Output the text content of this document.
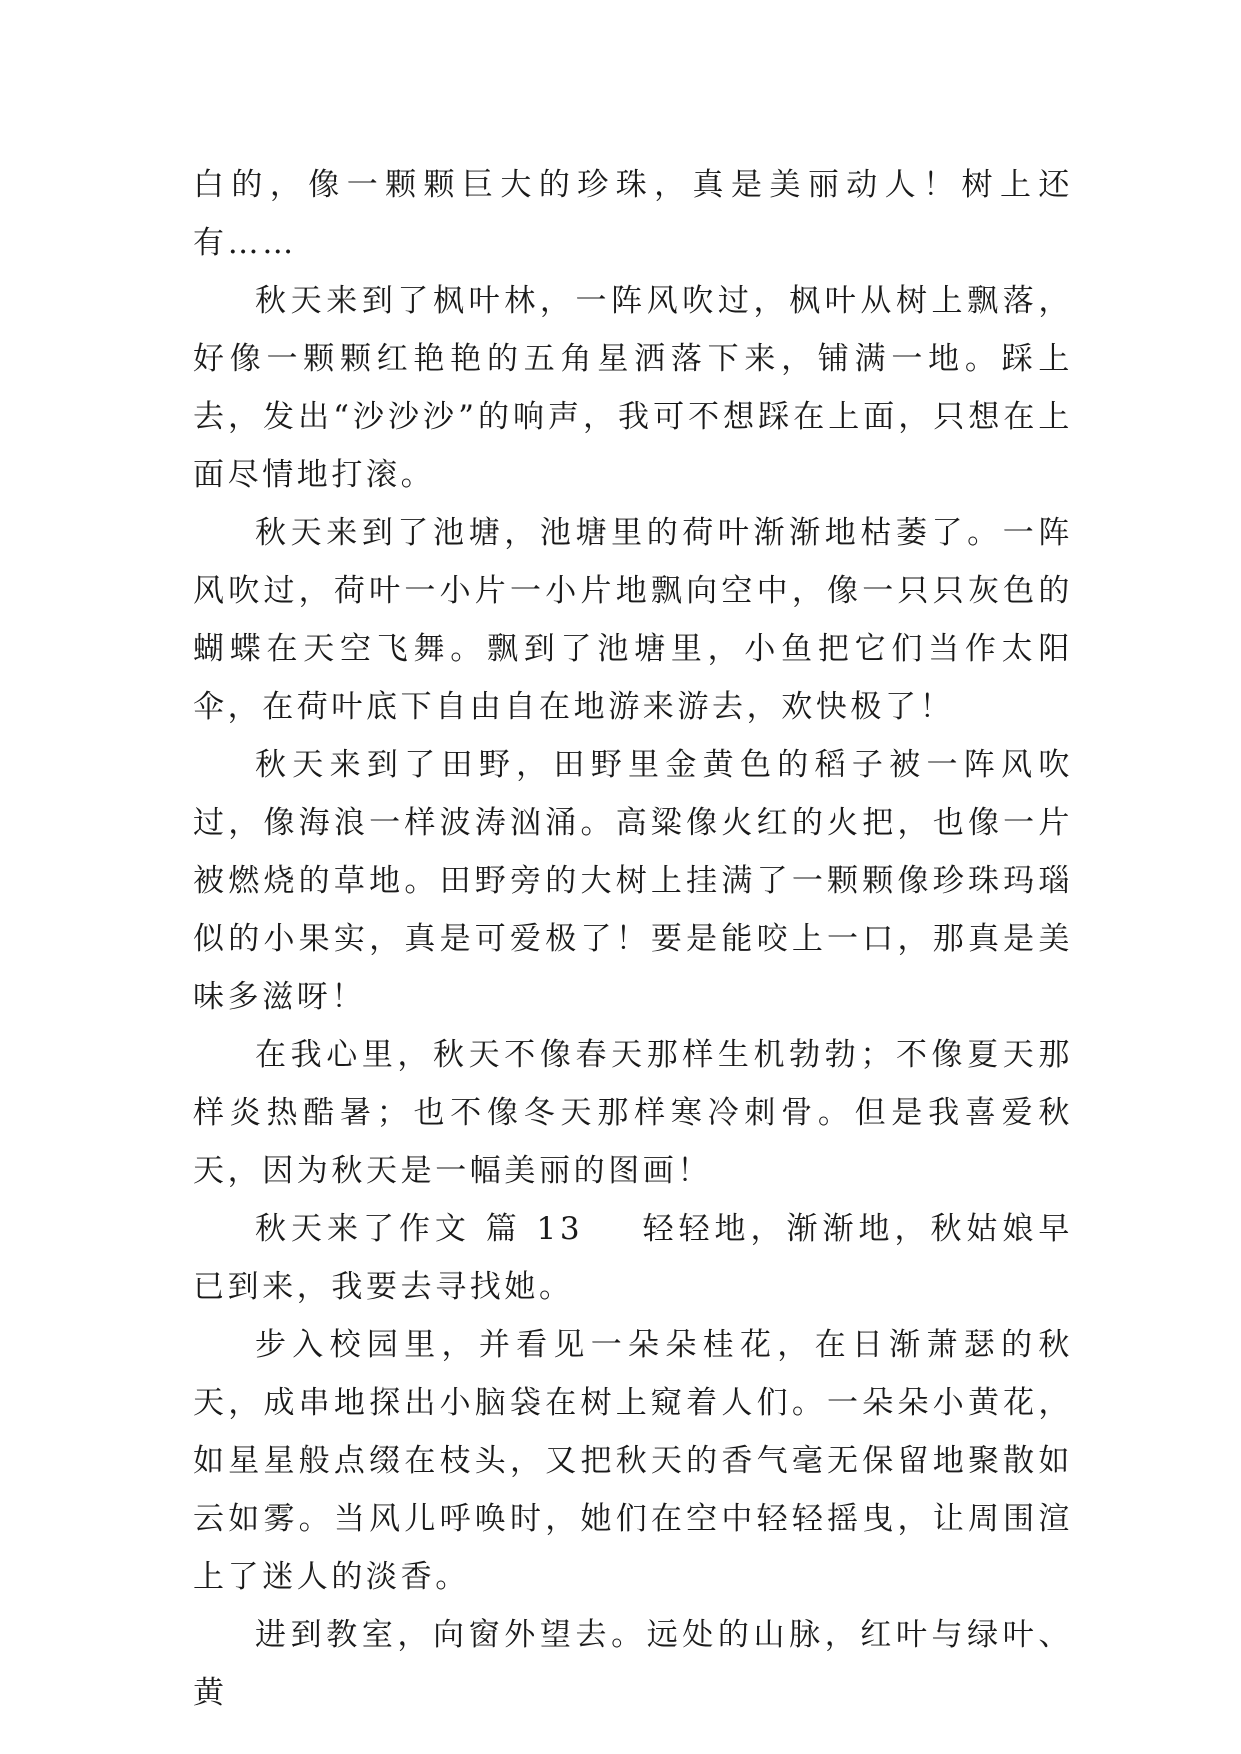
白的，像一颗颗巨大的珍珠，真是美丽动人！树上还有……

秋天来到了枫叶林，一阵风吹过，枫叶从树上飘落，好像一颗颗红艳艳的五角星洒落下来，铺满一地。踩上去，发出“沙沙沙”的响声，我可不想踩在上面，只想在上面尽情地打滚。

秋天来到了池塘，池塘里的荷叶渐渐地枯萎了。一阵风吹过，荷叶一小片一小片地飘向空中，像一只只灰色的蝴蝶在天空飞舞。飘到了池塘里，小鱼把它们当作太阳伞，在荷叶底下自由自在地游来游去，欢快极了！

秋天来到了田野，田野里金黄色的稻子被一阵风吹过，像海浪一样波涛汹涌。高粱像火红的火把，也像一片被燃烧的草地。田野旁的大树上挂满了一颗颗像珍珠玛瑙似的小果实，真是可爱极了！要是能咬上一口，那真是美味多滋呀！

在我心里，秋天不像春天那样生机勃勃；不像夏天那样炎热酷暑；也不像冬天那样寒冷刺骨。但是我喜爱秋天，因为秋天是一幅美丽的图画！

秋天来了作文 篇 13 轻轻地，渐渐地，秋姑娘早已到来，我要去寻找她。

步入校园里，并看见一朵朵桂花，在日渐萧瑟的秋天，成串地探出小脑袋在树上窥着人们。一朵朵小黄花，如星星般点缀在枝头，又把秋天的香气毫无保留地聚散如云如雾。当风儿呼唤时，她们在空中轻轻摇曳，让周围渲上了迷人的淡香。

进到教室，向窗外望去。远处的山脉，红叶与绿叶、黄
